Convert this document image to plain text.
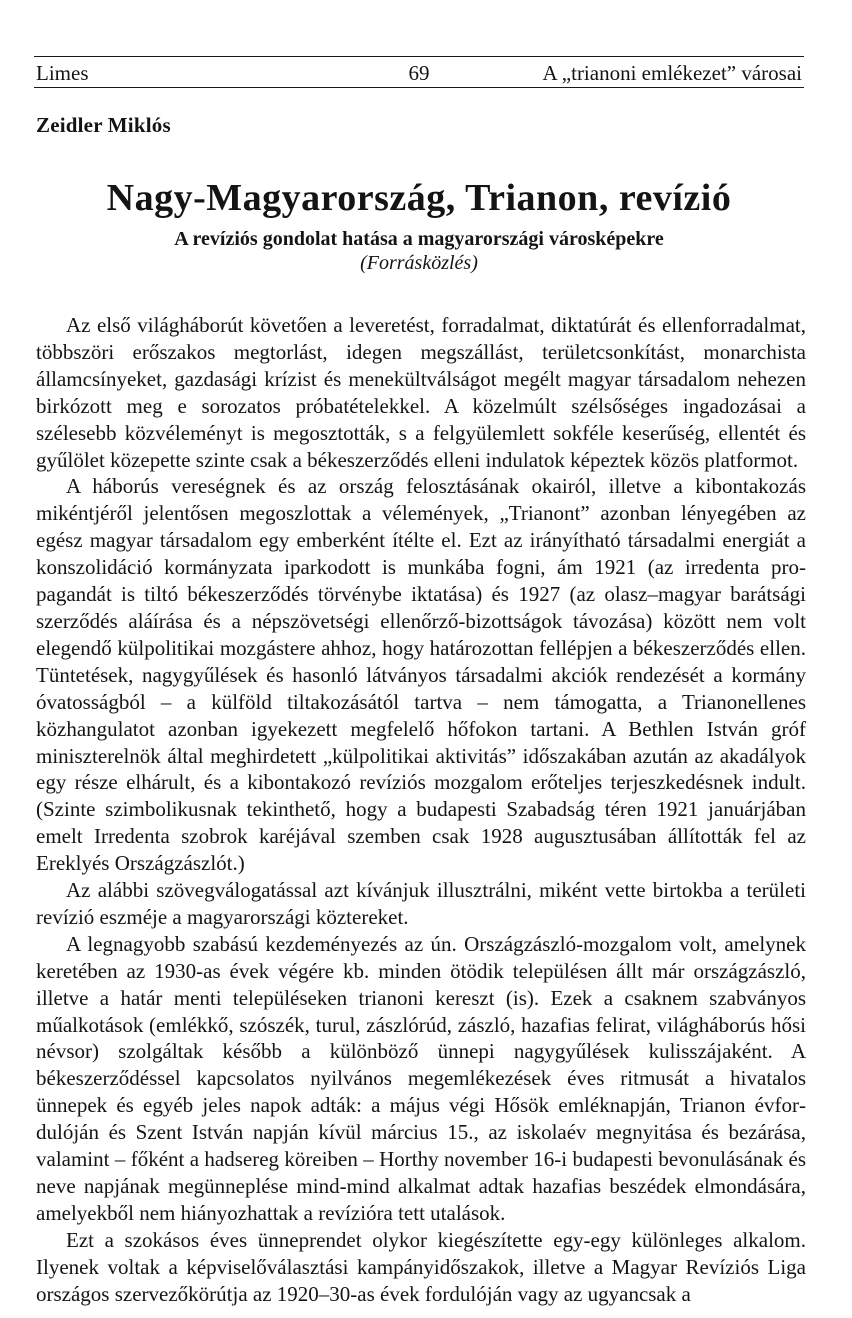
Limes	69	A „trianoni emlékezet” városai
Zeidler Miklós
Nagy-Magyarország, Trianon, revízió
A revíziós gondolat hatása a magyarországi városképekre
(Forrásközlés)

Az első világháborút követően a leveretést, forradalmat, diktatúrát és ellenforradalmat, többszöri erőszakos megtorlást, idegen megszállást, területcsonkítást, monarchista államcsínyeket, gazdasági krízist és menekültválságot megélt magyar társadalom nehezen birkózott meg e sorozatos próbatételekkel. A közelmúlt szélsőséges ingadozásai a szélesebb közvéleményt is megosztották, s a felgyülemlett sokféle keserűség, ellentét és gyűlölet közepette szinte csak a békeszerződés elleni indulatok képeztek közös platformot.

A háborús vereségnek és az ország felosztásának okairól, illetve a kibontakozás mikéntjéről jelentősen megoszlottak a vélemények, „Trianont” azonban lényegében az egész magyar társadalom egy emberként ítélte el. Ezt az irányítható társadalmi energiát a konszolidáció kormányzata iparkodott is munkába fogni, ám 1921 (az irredenta propagandát is tiltó békeszerződés törvénybe iktatása) és 1927 (az olasz–magyar barátsági szerződés aláírása és a népszövetségi ellenőrző-bizottságok távozása) között nem volt elegendő külpolitikai mozgástere ahhoz, hogy határozottan fellépjen a békeszerződés ellen. Tüntetések, nagygyűlések és hasonló látványos társadalmi akciók rendezését a kormány óvatosságból – a külföld tiltakozásától tartva – nem támogatta, a Trianonellenes közhangulatot azonban igyekezett megfelelő hőfokon tartani. A Bethlen István gróf miniszterelnök által meghirdetett „külpolitikai aktivitás” időszakában azután az akadályok egy része elhárult, és a kibontakozó revíziós mozgalom erőteljes terjeszkedésnek indult. (Szinte szimbolikusnak tekinthető, hogy a budapesti Szabadság téren 1921 januárjában emelt Irredenta szobrok karéjával szemben csak 1928 augusztusában állították fel az Ereklyés Országzászlót.)

Az alábbi szövegválogatással azt kívánjuk illusztrálni, miként vette birtokba a területi revízió eszméje a magyarországi köztereket.

A legnagyobb szabású kezdeményezés az ún. Országzászló-mozgalom volt, amelynek keretében az 1930-as évek végére kb. minden ötödik településen állt már országzászló, illetve a határ menti településeken trianoni kereszt (is). Ezek a csaknem szabványos műalkotások (emlékkő, szószék, turul, zászlórúd, zászló, hazafias felirat, világháborús hősi névsor) szolgáltak később a különböző ünnepi nagygyűlések kulisszájaként. A békeszerződéssel kapcsolatos nyilvános megemlékezések éves ritmusát a hivatalos ünnepek és egyéb jeles napok adták: a május végi Hősök emléknapján, Trianon évfordulóján és Szent István napján kívül március 15., az iskolaév megnyitása és bezárása, valamint – főként a hadsereg köreiben – Horthy november 16-i budapesti bevonulásának és neve napjának megünneplése mind-mind alkalmat adtak hazafias beszédek elmondására, amelyekből nem hiányozhattak a revízióra tett utalások.

Ezt a szokásos éves ünneprendet olykor kiegészítette egy-egy különleges alkalom. Ilyenek voltak a képviselőválasztási kampányidőszakok, illetve a Magyar Revíziós Liga országos szervezőkörútja az 1920–30-as évek fordulóján vagy az ugyancsak a
